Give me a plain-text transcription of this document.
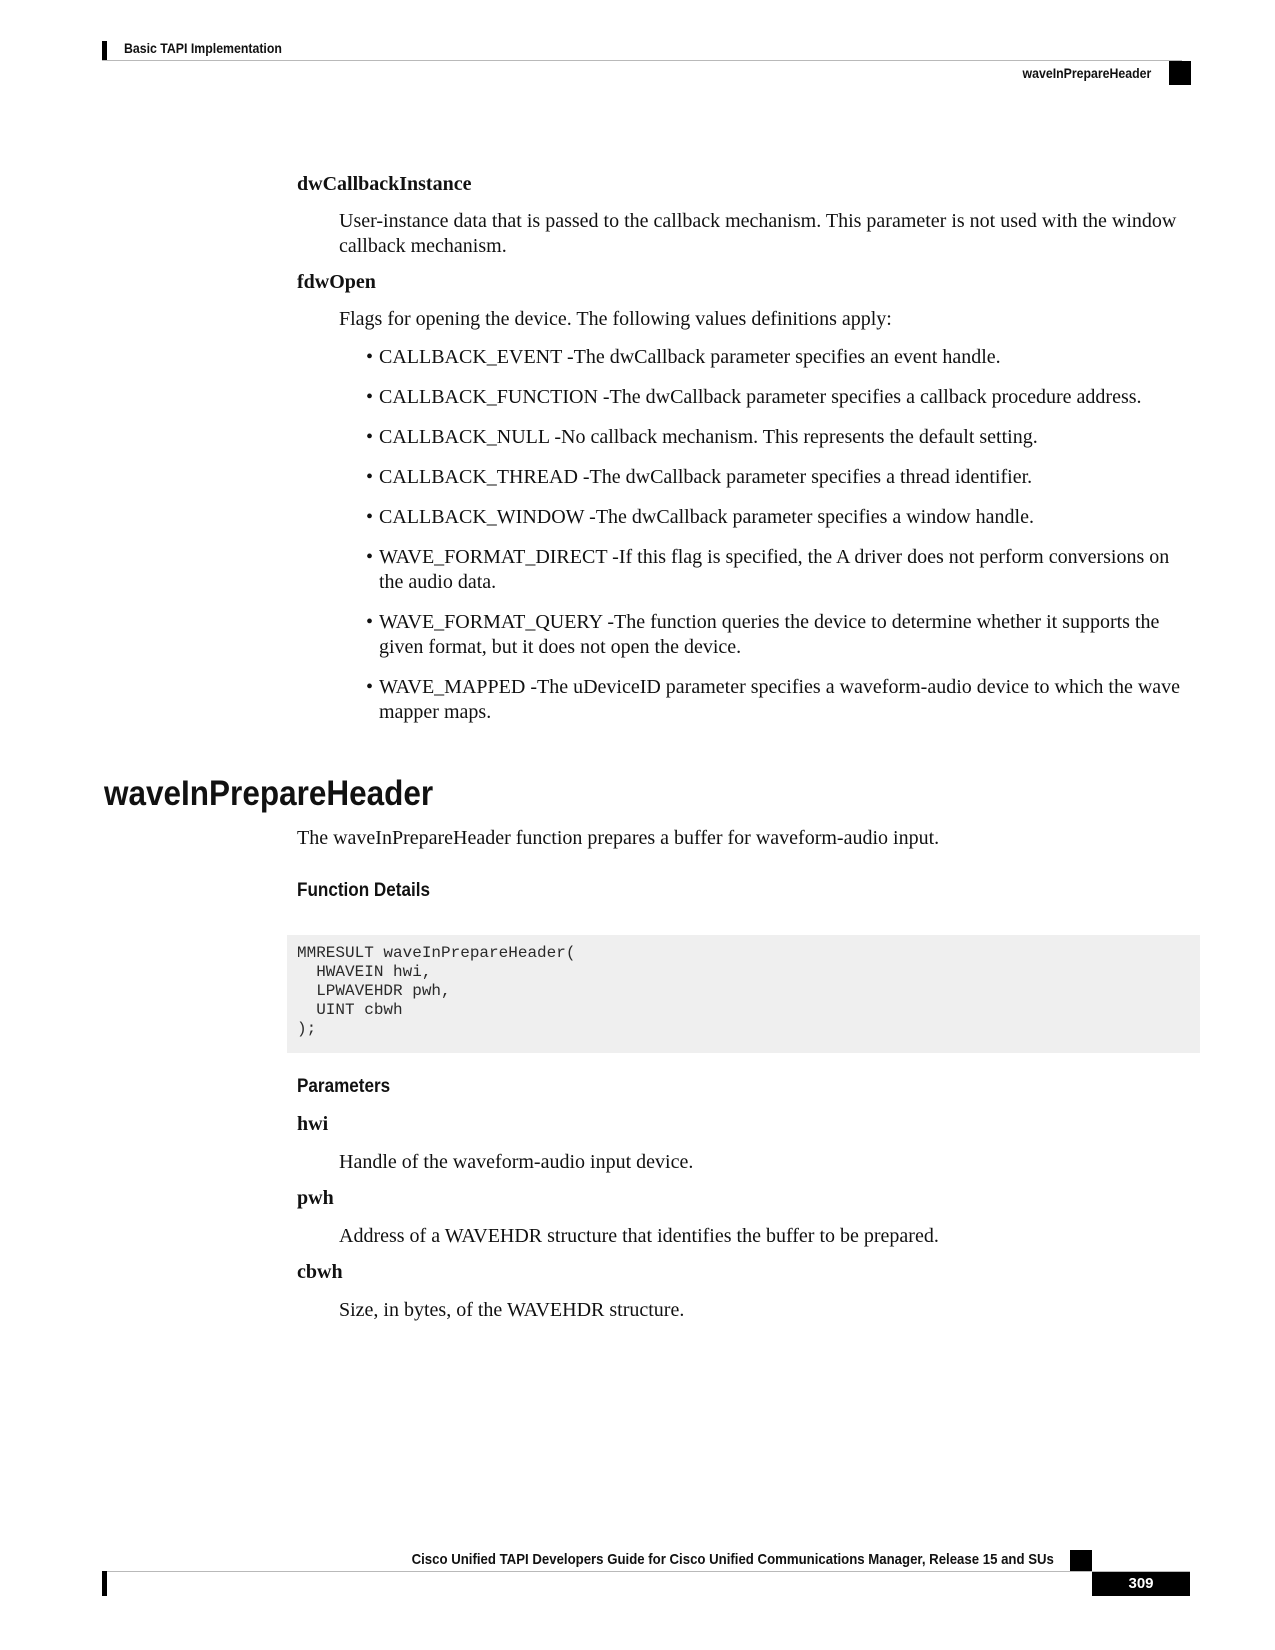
Basic TAPI Implementation
waveInPrepareHeader
dwCallbackInstance
User-instance data that is passed to the callback mechanism. This parameter is not used with the window callback mechanism.
fdwOpen
Flags for opening the device. The following values definitions apply:
• CALLBACK_EVENT -The dwCallback parameter specifies an event handle.
• CALLBACK_FUNCTION -The dwCallback parameter specifies a callback procedure address.
• CALLBACK_NULL -No callback mechanism. This represents the default setting.
• CALLBACK_THREAD -The dwCallback parameter specifies a thread identifier.
• CALLBACK_WINDOW -The dwCallback parameter specifies a window handle.
• WAVE_FORMAT_DIRECT -If this flag is specified, the A driver does not perform conversions on the audio data.
• WAVE_FORMAT_QUERY -The function queries the device to determine whether it supports the given format, but it does not open the device.
• WAVE_MAPPED -The uDeviceID parameter specifies a waveform-audio device to which the wave mapper maps.
waveInPrepareHeader
The waveInPrepareHeader function prepares a buffer for waveform-audio input.
Function Details
MMRESULT waveInPrepareHeader(
HWAVEIN hwi,
LPWAVEHDR pwh,
UINT cbwh
);
Parameters
hwi
Handle of the waveform-audio input device.
pwh
Address of a WAVEHDR structure that identifies the buffer to be prepared.
cbwh
Size, in bytes, of the WAVEHDR structure.
Cisco Unified TAPI Developers Guide for Cisco Unified Communications Manager, Release 15 and SUs
309
